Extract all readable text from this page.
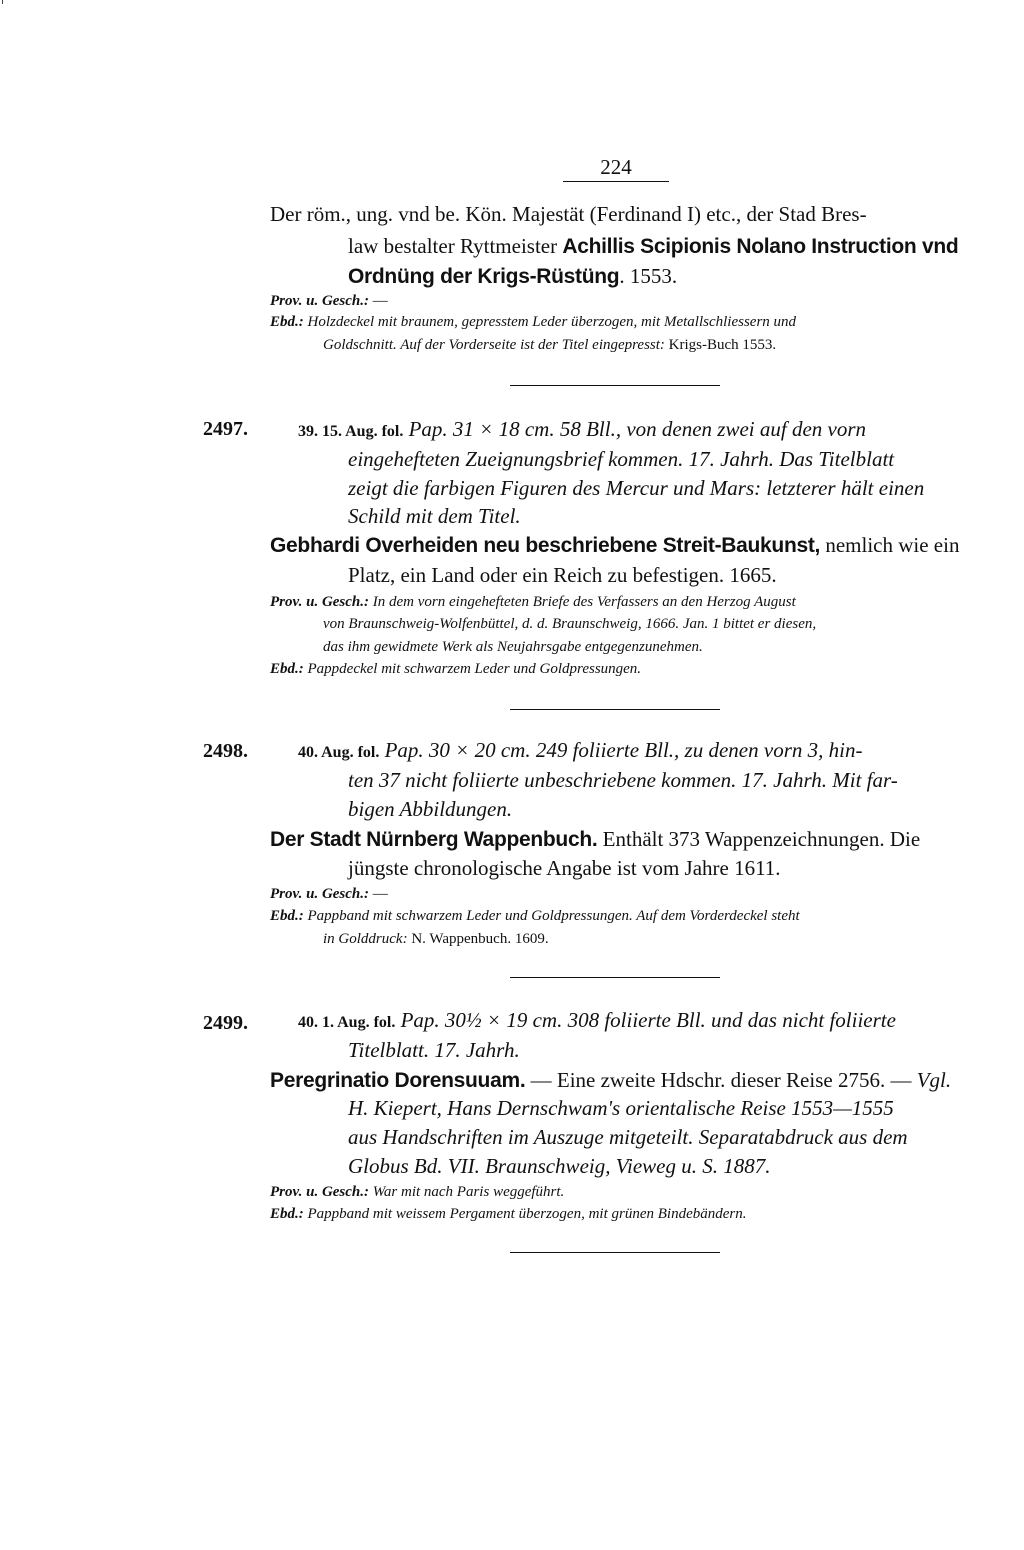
224
Der röm., ung. vnd be. Kön. Majestät (Ferdinand I) etc., der Stad Bres-
law bestalter Ryttmeister Achillis Scipionis Nolano Instruction vnd
Ordnüng der Krigs-Rüstüng. 1553.
Prov. u. Gesch.: —
Ebd.: Holzdeckel mit braunem, gepresstem Leder überzogen, mit Metallschliessern und
Goldschnitt. Auf der Vorderseite ist der Titel eingepresst: Krigs-Buch 1553.
2497.	39. 15. Aug. fol. Pap. 31 × 18 cm. 58 Bll., von denen zwei auf den vorn
eingehefteten Zueignungsbrief kommen. 17. Jahrh. Das Titelblatt
zeigt die farbigen Figuren des Mercur und Mars: letzterer hält einen
Schild mit dem Titel.
Gebhardi Overheiden neu beschriebene Streit-Baukunst, nemlich wie ein
Platz, ein Land oder ein Reich zu befestigen. 1665.
Prov. u. Gesch.: In dem vorn eingehefteten Briefe des Verfassers an den Herzog August
von Braunschweig-Wolfenbüttel, d. d. Braunschweig, 1666. Jan. 1 bittet er diesen,
das ihm gewidmete Werk als Neujahrsgabe entgegenzunehmen.
Ebd.: Pappdeckel mit schwarzem Leder und Goldpressungen.
2498.	40. Aug. fol. Pap. 30 × 20 cm. 249 foliierte Bll., zu denen vorn 3, hin-
ten 37 nicht foliierte unbeschriebene kommen. 17. Jahrh. Mit far-
bigen Abbildungen.
Der Stadt Nürnberg Wappenbuch. Enthält 373 Wappenzeichnungen. Die
jüngste chronologische Angabe ist vom Jahre 1611.
Prov. u. Gesch.: —
Ebd.: Pappband mit schwarzem Leder und Goldpressungen. Auf dem Vorderdeckel steht
in Golddruck: N. Wappenbuch. 1609.
2499.	40. 1. Aug. fol. Pap. 30½ × 19 cm. 308 foliierte Bll. und das nicht foliierte
Titelblatt. 17. Jahrh.
Peregrinatio Dorensuuam. — Eine zweite Hdschr. dieser Reise 2756. — Vgl.
H. Kiepert, Hans Dernschwam's orientalische Reise 1553—1555
aus Handschriften im Auszuge mitgeteilt. Separatabdruck aus dem
Globus Bd. VII. Braunschweig, Vieweg u. S. 1887.
Prov. u. Gesch.: War mit nach Paris weggeführt.
Ebd.: Pappband mit weissem Pergament überzogen, mit grünen Bindebändern.
